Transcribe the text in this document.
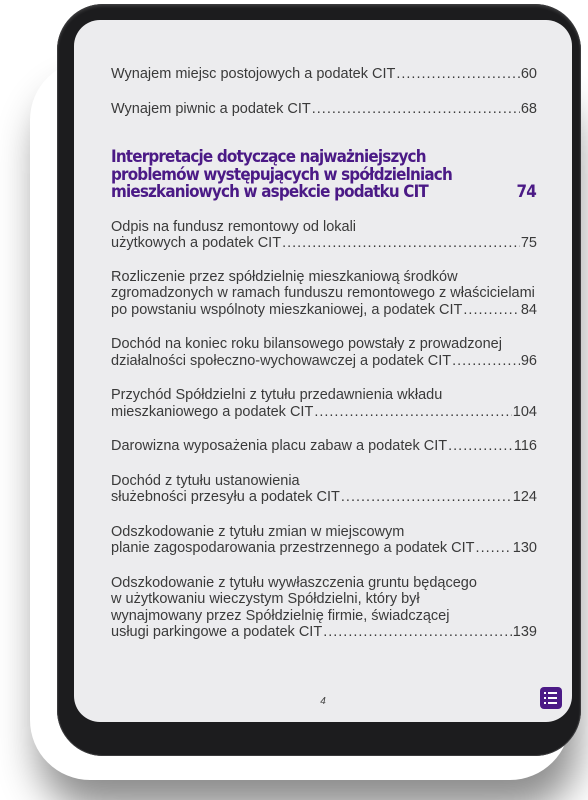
Wynajem miejsc postojowych a podatek CIT .....	60
Wynajem piwnic a podatek CIT .....	68
Interpretacje dotyczące najważniejszych
problemów występujących w spółdzielniach
mieszkaniowych w aspekcie podatku CIT	74
Odpis na fundusz remontowy od lokali
użytkowych a podatek CIT .....	75
Rozliczenie przez spółdzielnię mieszkaniową środków
zgromadzonych w ramach funduszu remontowego z właścicielami
po powstaniu wspólnoty mieszkaniowej, a podatek CIT .....	84
Dochód na koniec roku bilansowego powstały z prowadzonej
działalności społeczno-wychowawczej a podatek CIT .....	96
Przychód Spółdzielni z tytułu przedawnienia wkładu
mieszkaniowego a podatek CIT .....	104
Darowizna wyposażenia placu zabaw a podatek CIT .....	116
Dochód z tytułu ustanowienia
służebności przesyłu a podatek CIT .....	124
Odszkodowanie z tytułu zmian w miejscowym
planie zagospodarowania przestrzennego a podatek CIT .....	130
Odszkodowanie z tytułu wywłaszczenia gruntu będącego
w użytkowaniu wieczystym Spółdzielni, który był
wynajmowany przez Spółdzielnię firmie, świadczącej
usługi parkingowe a podatek CIT .....	139
4
